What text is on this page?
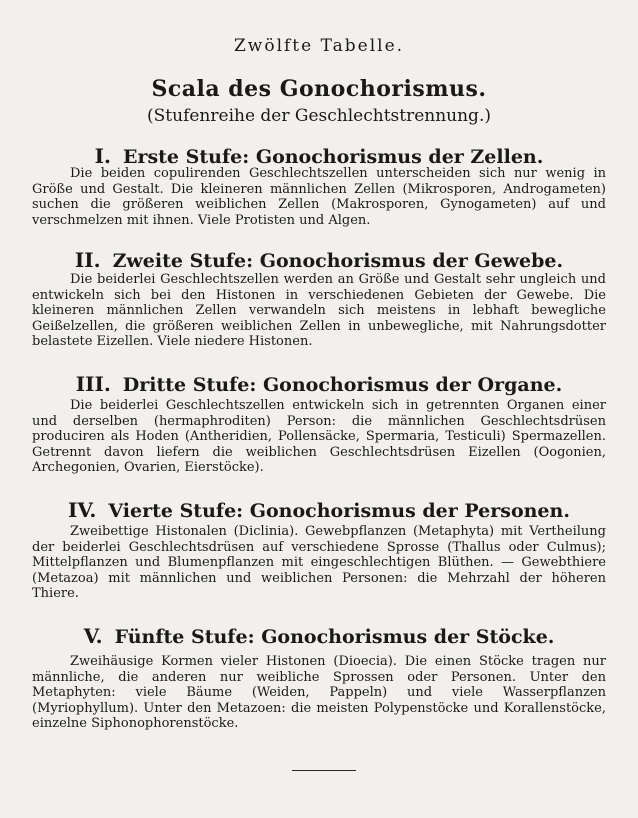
Zwölfte Tabelle.
Scala des Gonochorismus.
(Stufenreihe der Geschlechtstrennung.)
I. Erste Stufe: Gonochorismus der Zellen.
Die beiden copulirenden Geschlechtszellen unterscheiden sich nur wenig in Größe und Gestalt. Die kleineren männlichen Zellen (Mikrosporen, Androgameten) suchen die größeren weiblichen Zellen (Makrosporen, Gynogameten) auf und verschmelzen mit ihnen. Viele Protisten und Algen.
II. Zweite Stufe: Gonochorismus der Gewebe.
Die beiderlei Geschlechtszellen werden an Größe und Gestalt sehr ungleich und entwickeln sich bei den Histonen in verschiedenen Gebieten der Gewebe. Die kleineren männlichen Zellen verwandeln sich meistens in lebhaft bewegliche Geißelzellen, die größeren weiblichen Zellen in unbewegliche, mit Nahrungsdotter belastete Eizellen. Viele niedere Histonen.
III. Dritte Stufe: Gonochorismus der Organe.
Die beiderlei Geschlechtszellen entwickeln sich in getrennten Organen einer und derselben (hermaphroditen) Person: die männlichen Geschlechtsdrüsen produciren als Hoden (Antheridien, Pollensäcke, Spermaria, Testiculi) Spermazellen. Getrennt davon liefern die weiblichen Geschlechtsdrüsen Eizellen (Oogonien, Archegonien, Ovarien, Eierstöcke).
IV. Vierte Stufe: Gonochorismus der Personen.
Zweibettige Histonalen (Diclinia). Gewebpflanzen (Metaphyta) mit Vertheilung der beiderlei Geschlechtsdrüsen auf verschiedene Sprosse (Thallus oder Culmus); Mittelpflanzen und Blumenpflanzen mit eingeschlechtigen Blüthen. — Gewebthiere (Metazoa) mit männlichen und weiblichen Personen: die Mehrzahl der höheren Thiere.
V. Fünfte Stufe: Gonochorismus der Stöcke.
Zweihäusige Kormen vieler Histonen (Dioecia). Die einen Stöcke tragen nur männliche, die anderen nur weibliche Sprossen oder Personen. Unter den Metaphyten: viele Bäume (Weiden, Pappeln) und viele Wasserpflanzen (Myriophyllum). Unter den Metazoen: die meisten Polypenstöcke und Korallenstöcke, einzelne Siphonophorenstöcke.
